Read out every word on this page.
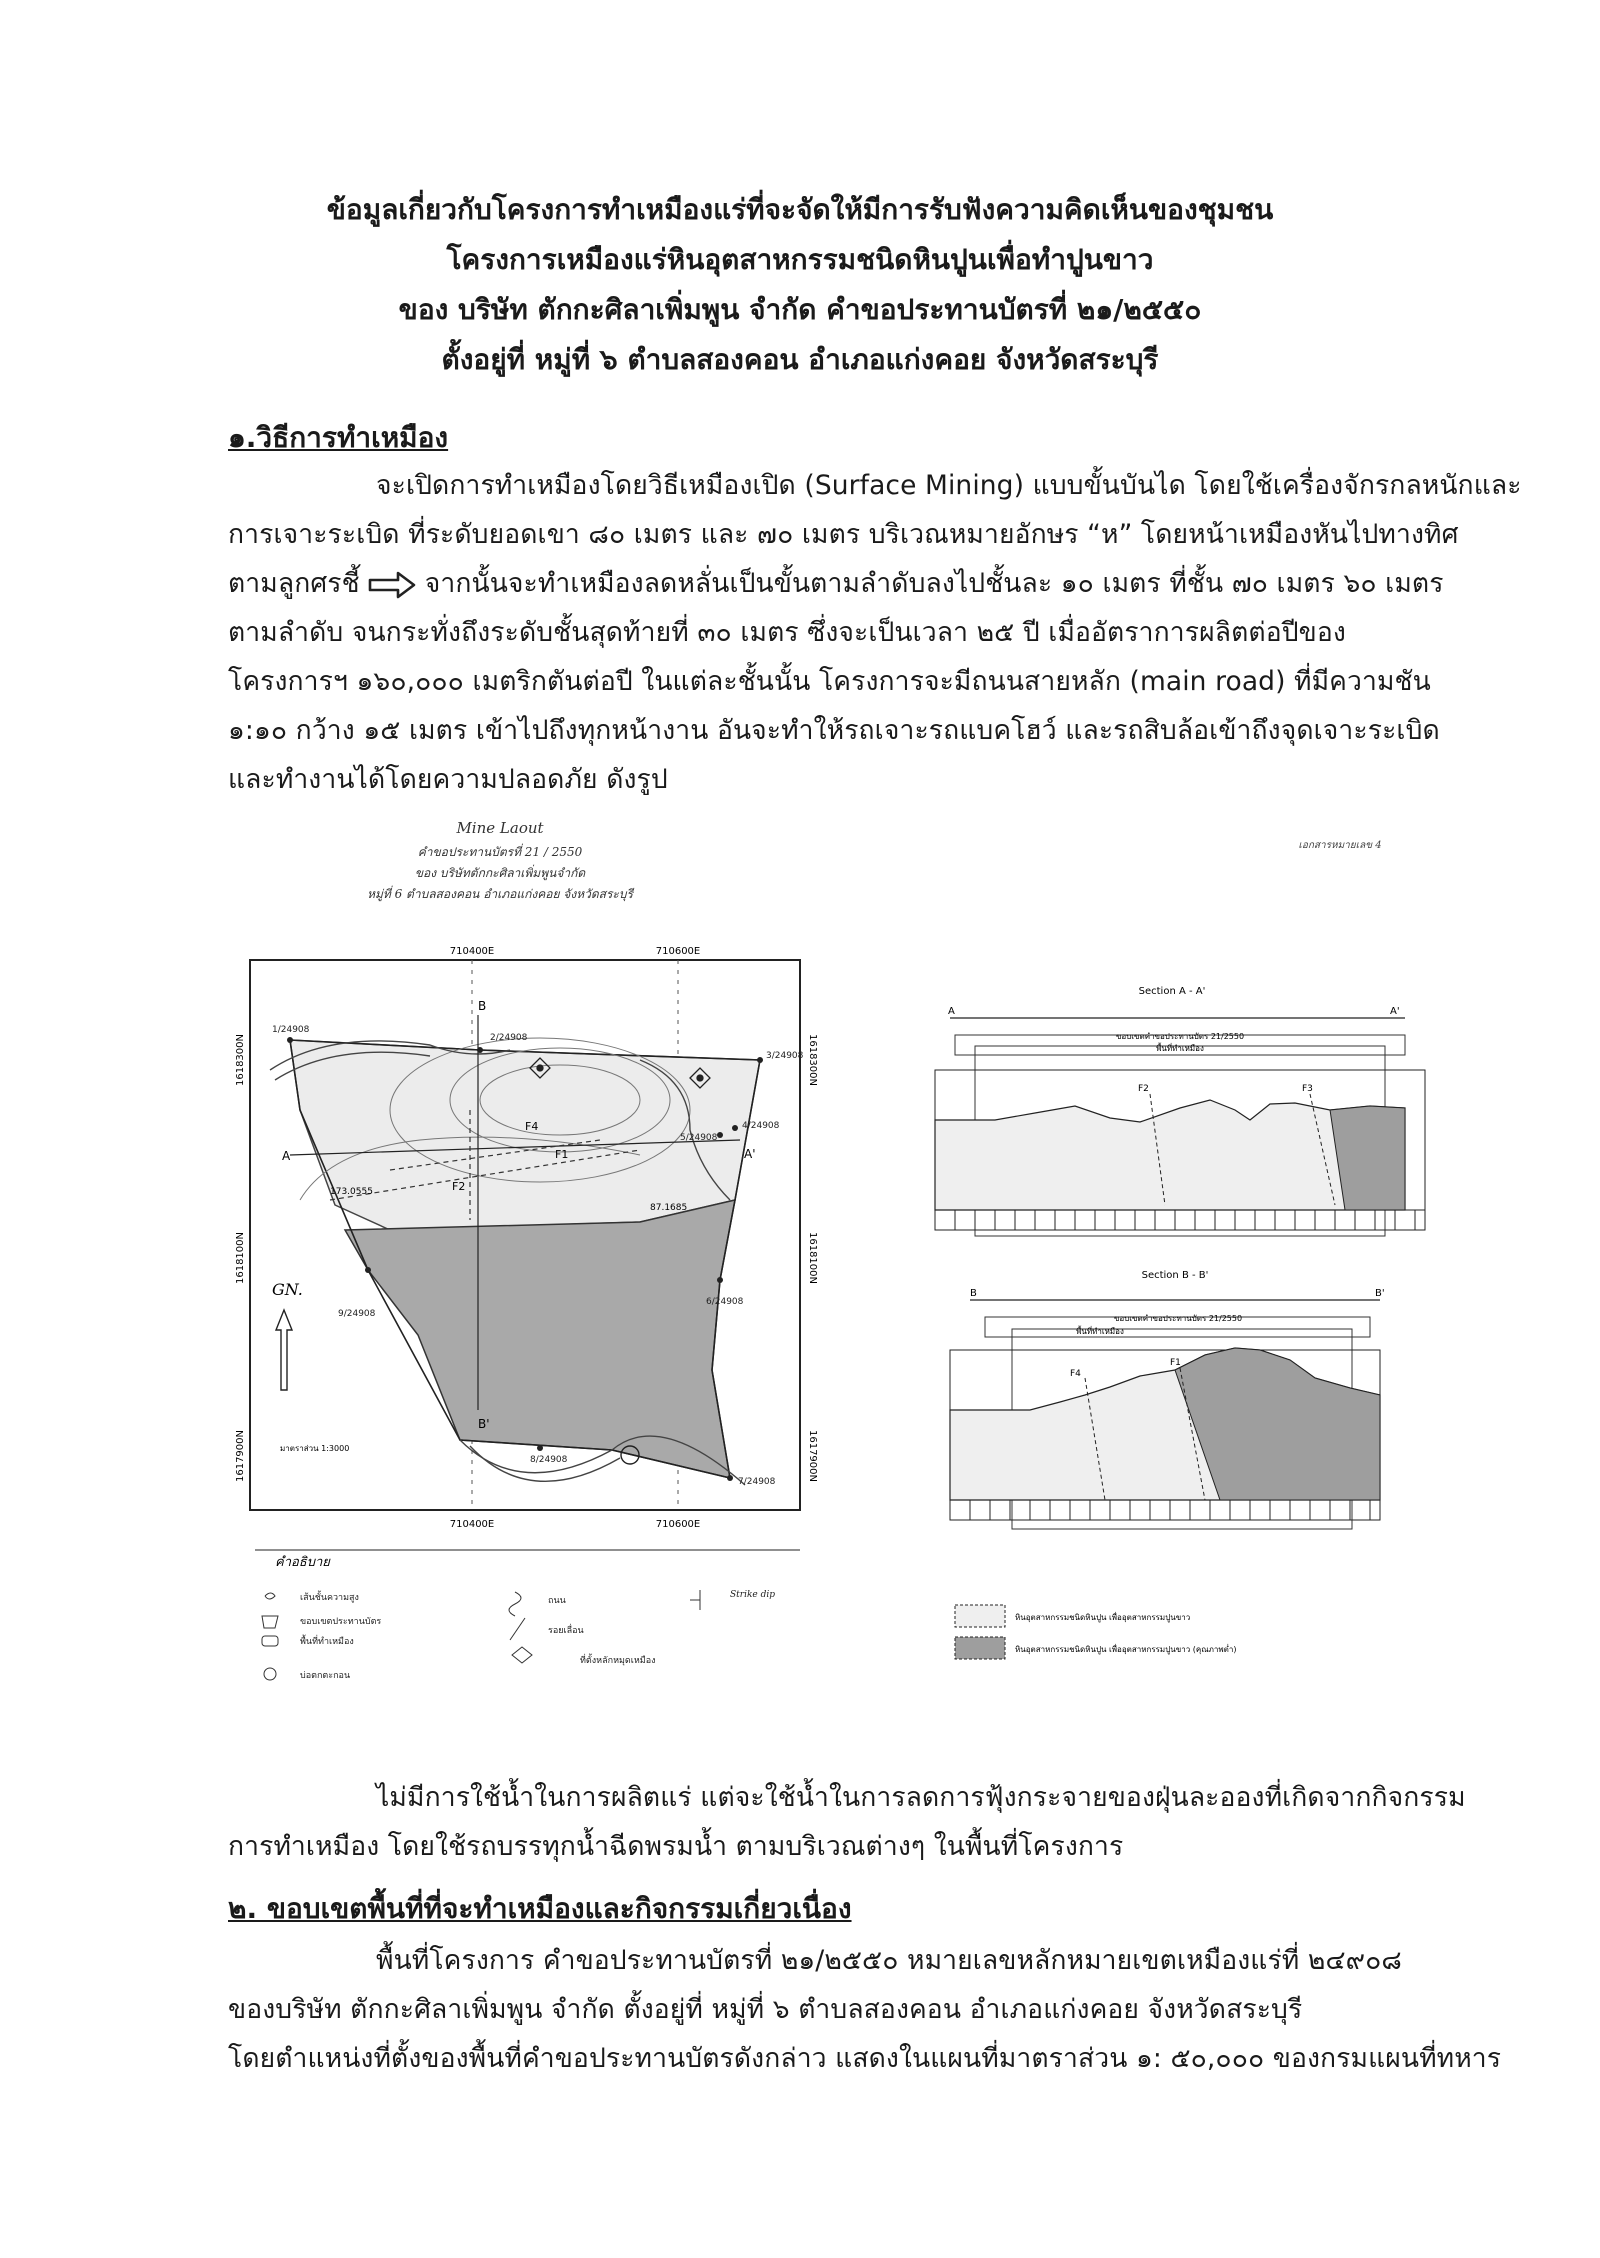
ข้อมูลเกี่ยวกับโครงการทำเหมืองแร่ที่จะจัดให้มีการรับฟังความคิดเห็นของชุมชน
โครงการเหมืองแร่หินอุตสาหกรรมชนิดหินปูนเพื่อทำปูนขาว
ของ บริษัท ตักกะศิลาเพิ่มพูน จำกัด คำขอประทานบัตรที่ ๒๑/๒๕๕๐
ตั้งอยู่ที่ หมู่ที่ ๖ ตำบลสองคอน อำเภอแก่งคอย จังหวัดสระบุรี
๑.วิธีการทำเหมือง
จะเปิดการทำเหมืองโดยวิธีเหมืองเปิด (Surface Mining) แบบขั้นบันได โดยใช้เครื่องจักรกลหนักและ
การเจาะระเบิด ที่ระดับยอดเขา ๘๐ เมตร และ ๗๐ เมตร บริเวณหมายอักษร “ห” โดยหน้าเหมืองหันไปทางทิศ
ตามลูกศรชี้ จากนั้นจะทำเหมืองลดหลั่นเป็นขั้นตามลำดับลงไปชั้นละ ๑๐ เมตร ที่ชั้น ๗๐ เมตร ๖๐ เมตร
ตามลำดับ จนกระทั่งถึงระดับชั้นสุดท้ายที่ ๓๐ เมตร ซึ่งจะเป็นเวลา ๒๕ ปี เมื่ออัตราการผลิตต่อปีของ
โครงการฯ ๑๖๐,๐๐๐ เมตริกตันต่อปี ในแต่ละชั้นนั้น โครงการจะมีถนนสายหลัก (main road) ที่มีความชัน
๑:๑๐ กว้าง ๑๕ เมตร เข้าไปถึงทุกหน้างาน อันจะทำให้รถเจาะรถแบคโฮว์ และรถสิบล้อเข้าถึงจุดเจาะระเบิด
และทำงานได้โดยความปลอดภัย ดังรูป
Mine Laout
คำขอประทานบัตรที่ 21 / 2550
ของ บริษัทตักกะศิลาเพิ่มพูนจำกัด
หมู่ที่ 6 ตำบลสองคอน อำเภอแก่งคอย จังหวัดสระบุรี
เอกสารหมายเลข 4
710400E	710600E
710400E	710600E
1618300N
1618100N
1617900N
1618300N
1618100N
1617900N
A	A'
B
B'
F1
F2
F4
173.0555
87.1685
1/24908
2/24908
3/24908
4/24908
5/24908
6/24908
7/24908
8/24908
9/24908
GN.
มาตราส่วน 1:3000
คำอธิบาย
เส้นชั้นความสูง
ขอบเขตประทานบัตร
พื้นที่ทำเหมือง
บ่อตกตะกอน
ถนน
รอยเลื่อน
ที่ตั้งหลักหมุดเหมือง
Strike dip
Section A - A'
A	A'
ขอบเขตคำขอประทานบัตร 21/2550
พื้นที่ทำเหมือง
F2	F3
Section B - B'
B	B'
ขอบเขตคำขอประทานบัตร 21/2550
พื้นที่ทำเหมือง
F4
F1
หินอุตสาหกรรมชนิดหินปูน เพื่ออุตสาหกรรมปูนขาว
หินอุตสาหกรรมชนิดหินปูน เพื่ออุตสาหกรรมปูนขาว (คุณภาพต่ำ)
ไม่มีการใช้น้ำในการผลิตแร่ แต่จะใช้น้ำในการลดการฟุ้งกระจายของฝุ่นละอองที่เกิดจากกิจกรรม
การทำเหมือง โดยใช้รถบรรทุกน้ำฉีดพรมน้ำ ตามบริเวณต่างๆ ในพื้นที่โครงการ
๒. ขอบเขตพื้นที่ที่จะทำเหมืองและกิจกรรมเกี่ยวเนื่อง
พื้นที่โครงการ คำขอประทานบัตรที่ ๒๑/๒๕๕๐ หมายเลขหลักหมายเขตเหมืองแร่ที่ ๒๔๙๐๘
ของบริษัท ตักกะศิลาเพิ่มพูน จำกัด ตั้งอยู่ที่ หมู่ที่ ๖ ตำบลสองคอน อำเภอแก่งคอย จังหวัดสระบุรี
โดยตำแหน่งที่ตั้งของพื้นที่คำขอประทานบัตรดังกล่าว แสดงในแผนที่มาตราส่วน ๑: ๕๐,๐๐๐ ของกรมแผนที่ทหาร
